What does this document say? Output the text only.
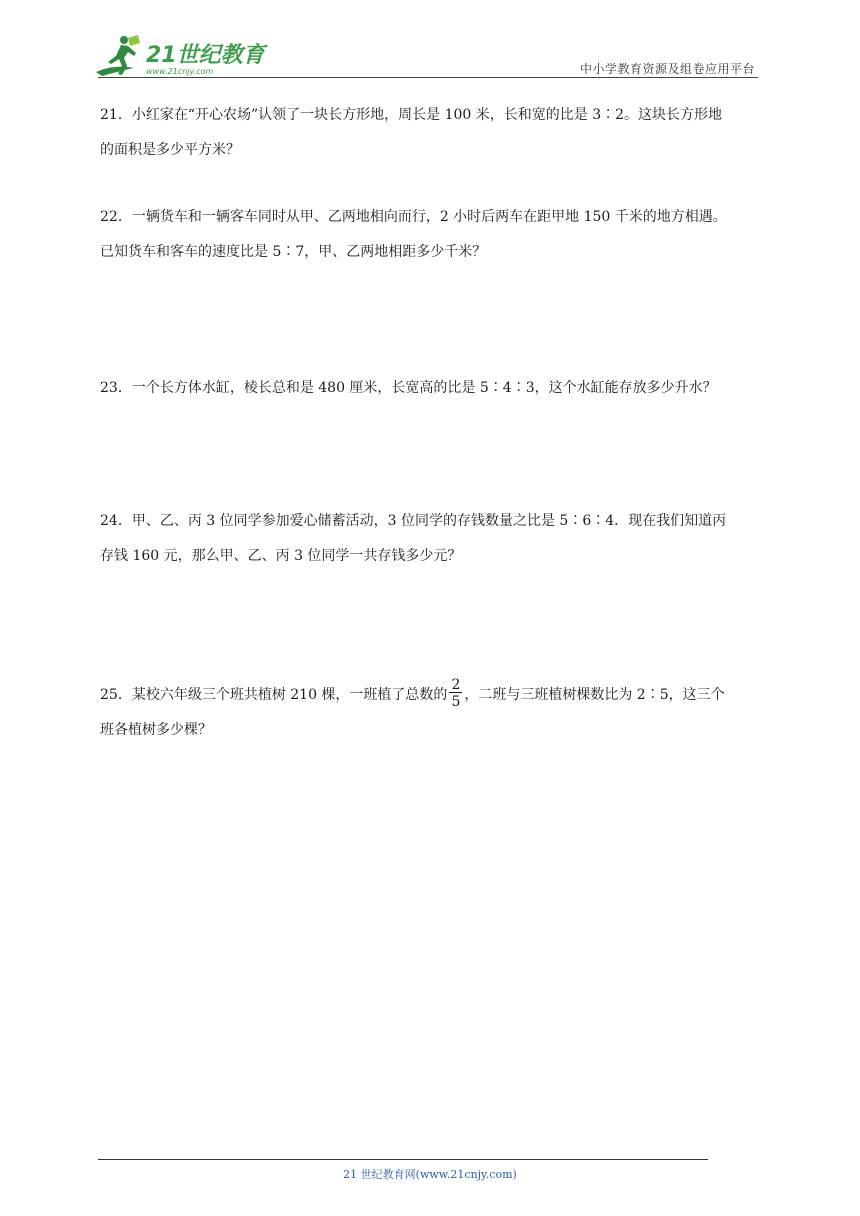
21世纪教育
www.21cnjy.com	中小学教育资源及组卷应用平台
21．小红家在“开心农场”认领了一块长方形地，周长是 100 米，长和宽的比是 3∶2。这块长方形地
的面积是多少平方米？
22．一辆货车和一辆客车同时从甲、乙两地相向而行，2 小时后两车在距甲地 150 千米的地方相遇。
已知货车和客车的速度比是 5∶7，甲、乙两地相距多少千米？
23．一个长方体水缸，棱长总和是 480 厘米，长宽高的比是 5∶4∶3，这个水缸能存放多少升水？
24．甲、乙、丙 3 位同学参加爱心储蓄活动，3 位同学的存钱数量之比是 5∶6∶4．现在我们知道丙
存钱 160 元，那么甲、乙、丙 3 位同学一共存钱多少元？
25．某校六年级三个班共植树 210 棵，一班植了总数的 $\frac{2}{5}$ ，二班与三班植树棵数比为 2∶5，这三个
班各植树多少棵？
21 世纪教育网(www.21cnjy.com)
